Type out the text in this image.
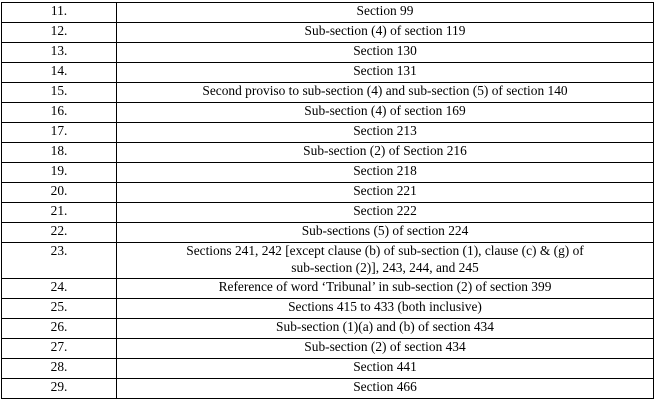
11.	Section 99
12.	Sub-section (4) of section 119
13.	Section 130
14.	Section 131
15.	Second proviso to sub-section (4) and sub-section (5) of section 140
16.	Sub-section (4) of section 169
17.	Section 213
18.	Sub-section (2) of Section 216
19.	Section 218
20.	Section 221
21.	Section 222
22.	Sub-sections (5) of section 224
23.	Sections 241, 242 [except clause (b) of sub-section (1), clause (c) & (g) of
sub-section (2)], 243, 244, and 245
24.	Reference of word ‘Tribunal’ in sub-section (2) of section 399
25.	Sections 415 to 433 (both inclusive)
26.	Sub-section (1)(a) and (b) of section 434
27.	Sub-section (2) of section 434
28.	Section 441
29.	Section 466
